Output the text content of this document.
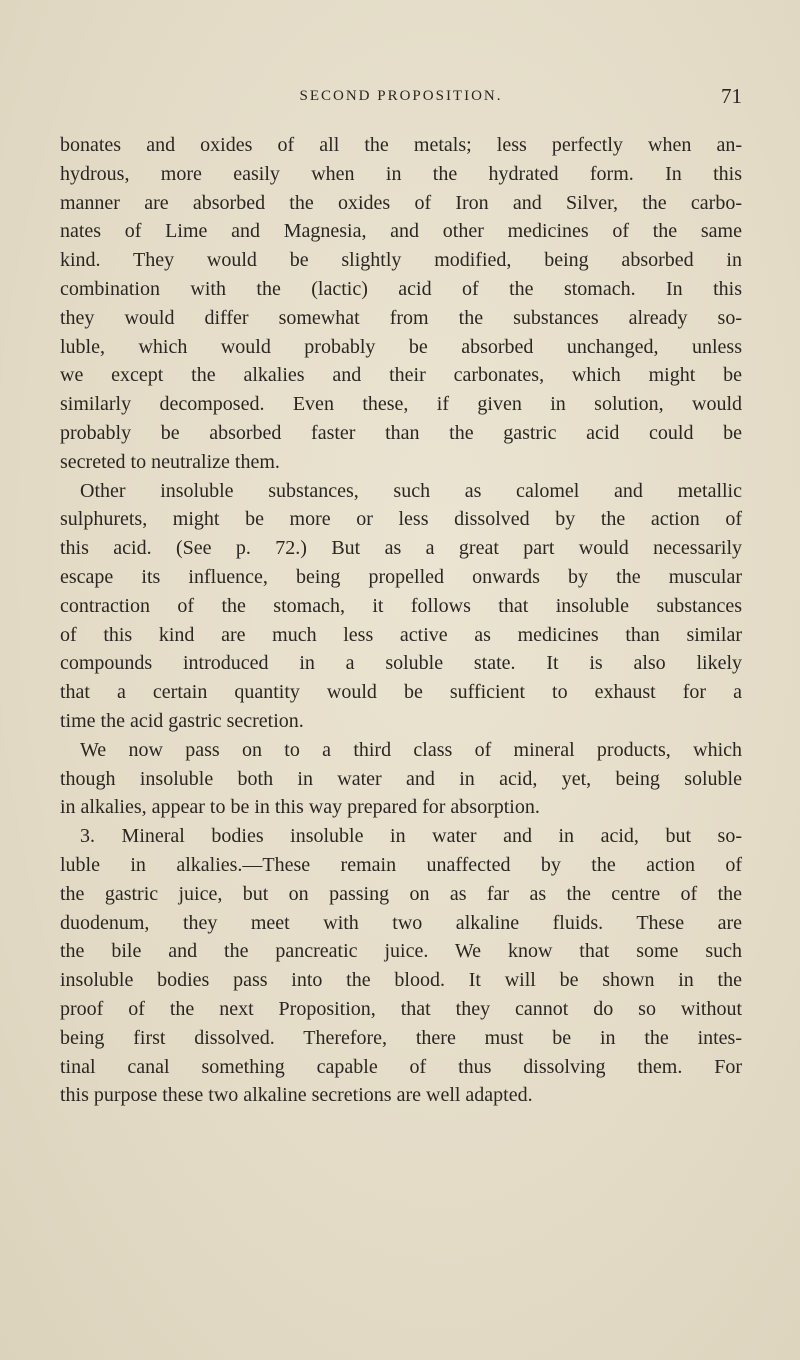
SECOND PROPOSITION.	71
bonates and oxides of all the metals; less perfectly when an-
hydrous, more easily when in the hydrated form. In this
manner are absorbed the oxides of Iron and Silver, the carbo-
nates of Lime and Magnesia, and other medicines of the same
kind. They would be slightly modified, being absorbed in
combination with the (lactic) acid of the stomach. In this
they would differ somewhat from the substances already so-
luble, which would probably be absorbed unchanged, unless
we except the alkalies and their carbonates, which might be
similarly decomposed. Even these, if given in solution, would
probably be absorbed faster than the gastric acid could be
secreted to neutralize them.
Other insoluble substances, such as calomel and metallic
sulphurets, might be more or less dissolved by the action of
this acid. (See p. 72.) But as a great part would necessarily
escape its influence, being propelled onwards by the muscular
contraction of the stomach, it follows that insoluble substances
of this kind are much less active as medicines than similar
compounds introduced in a soluble state. It is also likely
that a certain quantity would be sufficient to exhaust for a
time the acid gastric secretion.
We now pass on to a third class of mineral products, which
though insoluble both in water and in acid, yet, being soluble
in alkalies, appear to be in this way prepared for absorption.
3. Mineral bodies insoluble in water and in acid, but so-
luble in alkalies.—These remain unaffected by the action of
the gastric juice, but on passing on as far as the centre of the
duodenum, they meet with two alkaline fluids. These are
the bile and the pancreatic juice. We know that some such
insoluble bodies pass into the blood. It will be shown in the
proof of the next Proposition, that they cannot do so without
being first dissolved. Therefore, there must be in the intes-
tinal canal something capable of thus dissolving them. For
this purpose these two alkaline secretions are well adapted.
